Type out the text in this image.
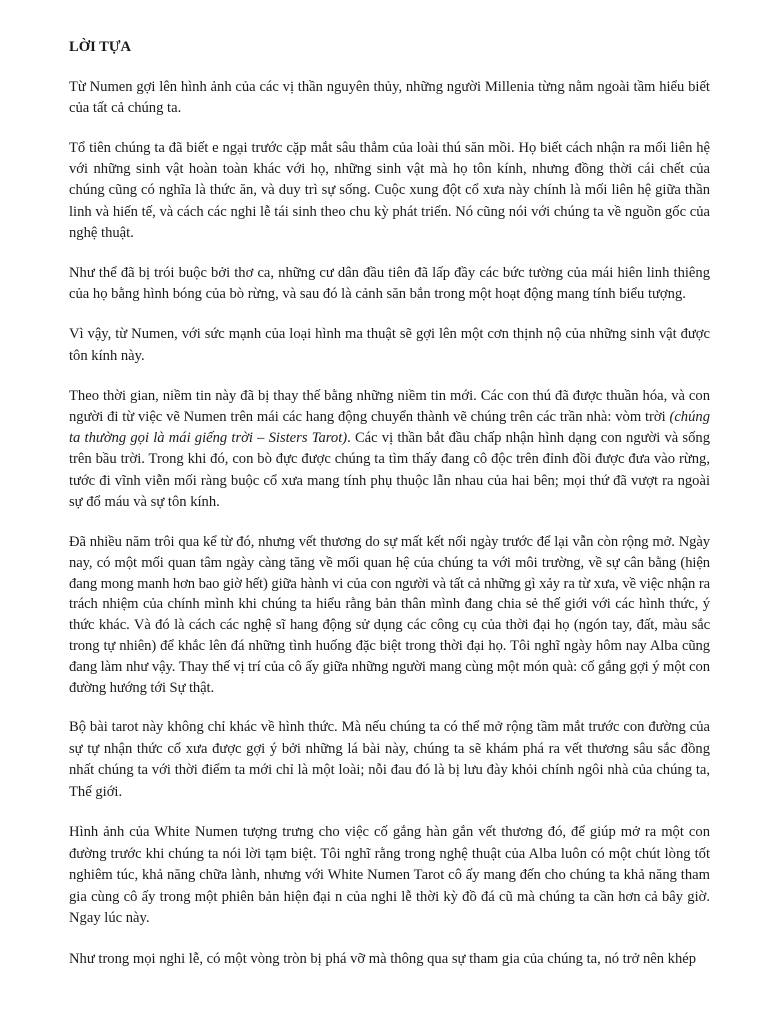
LỜI TỰA

Từ Numen gợi lên hình ảnh của các vị thần nguyên thủy, những người Millenia từng nằm ngoài tầm hiểu biết của tất cả chúng ta.

Tổ tiên chúng ta đã biết e ngại trước cặp mắt sâu thẳm của loài thú săn mồi. Họ biết cách nhận ra mối liên hệ với những sinh vật hoàn toàn khác với họ, những sinh vật mà họ tôn kính, nhưng đồng thời cái chết của chúng cũng có nghĩa là thức ăn, và duy trì sự sống. Cuộc xung đột cổ xưa này chính là mối liên hệ giữa thần linh và hiến tế, và cách các nghi lễ tái sinh theo chu kỳ phát triển. Nó cũng nói với chúng ta về nguồn gốc của nghệ thuật.

Như thể đã bị trói buộc bởi thơ ca, những cư dân đầu tiên đã lấp đầy các bức tường của mái hiên linh thiêng của họ bằng hình bóng của bò rừng, và sau đó là cảnh săn bắn trong một hoạt động mang tính biểu tượng.

Vì vậy, từ Numen, với sức mạnh của loại hình ma thuật sẽ gợi lên một cơn thịnh nộ của những sinh vật được tôn kính này.

Theo thời gian, niềm tin này đã bị thay thế bằng những niềm tin mới. Các con thú đã được thuần hóa, và con người đi từ việc vẽ Numen trên mái các hang động chuyển thành vẽ chúng trên các trần nhà: vòm trời (chúng ta thường gọi là mái giếng trời – Sisters Tarot). Các vị thần bắt đầu chấp nhận hình dạng con người và sống trên bầu trời. Trong khi đó, con bò đực được chúng ta tìm thấy đang cô độc trên đỉnh đồi được đưa vào rừng, tước đi vĩnh viễn mối ràng buộc cổ xưa mang tính phụ thuộc lẫn nhau của hai bên; mọi thứ đã vượt ra ngoài sự đổ máu và sự tôn kính.

Đã nhiều năm trôi qua kể từ đó, nhưng vết thương do sự mất kết nối ngày trước để lại vẫn còn rộng mở. Ngày nay, có một mối quan tâm ngày càng tăng về mối quan hệ của chúng ta với môi trường, về sự cân bằng (hiện đang mong manh hơn bao giờ hết) giữa hành vi của con người và tất cả những gì xảy ra từ xưa, về việc nhận ra trách nhiệm của chính mình khi chúng ta hiểu rằng bản thân mình đang chia sẻ thế giới với các hình thức, ý thức khác. Và đó là cách các nghệ sĩ hang động sử dụng các công cụ của thời đại họ (ngón tay, đất, màu sắc trong tự nhiên) để khắc lên đá những tình huống đặc biệt trong thời đại họ. Tôi nghĩ ngày hôm nay Alba cũng đang làm như vậy. Thay thế vị trí của cô ấy giữa những người mang cùng một món quà: cố gắng gợi ý một con đường hướng tới Sự thật.

Bộ bài tarot này không chỉ khác về hình thức. Mà nếu chúng ta có thể mở rộng tầm mắt trước con đường của sự tự nhận thức cổ xưa được gợi ý bởi những lá bài này, chúng ta sẽ khám phá ra vết thương sâu sắc đồng nhất chúng ta với thời điểm ta mới chỉ là một loài; nỗi đau đó là bị lưu đày khỏi chính ngôi nhà của chúng ta, Thế giới.

Hình ảnh của White Numen tượng trưng cho việc cố gắng hàn gắn vết thương đó, để giúp mở ra một con đường trước khi chúng ta nói lời tạm biệt. Tôi nghĩ rằng trong nghệ thuật của Alba luôn có một chút lòng tốt nghiêm túc, khả năng chữa lành, nhưng với White Numen Tarot cô ấy mang đến cho chúng ta khả năng tham gia cùng cô ấy trong một phiên bản hiện đại n của nghi lễ thời kỳ đồ đá cũ mà chúng ta cần hơn cả bây giờ. Ngay lúc này.

Như trong mọi nghi lễ, có một vòng tròn bị phá vỡ mà thông qua sự tham gia của chúng ta, nó trở nên khép
